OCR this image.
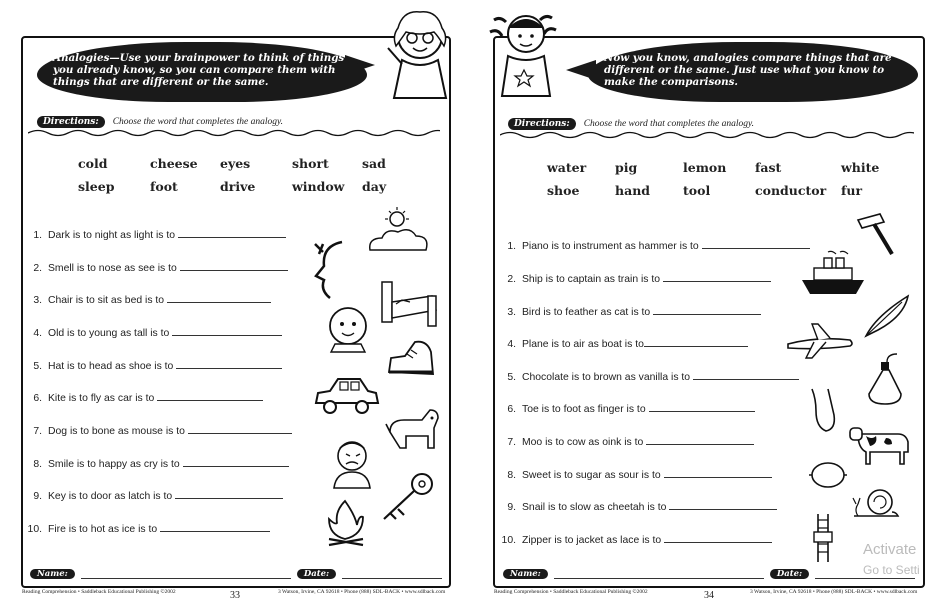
Analogies—Use your brainpower to think of things you already know, so you can compare them with things that are different or the same.
Directions:	Choose the word that completes the analogy.
cold	cheese	eyes	short	sad
sleep	foot	drive	window	day
1. Dark is to night as light is to
2. Smell is to nose as see is to
3. Chair is to sit as bed is to
4. Old is to young as tall is to
5. Hat is to head as shoe is to
6. Kite is to fly as car is to
7. Dog is to bone as mouse is to
8. Smile is to happy as cry is to
9. Key is to door as latch is to
10. Fire is to hot as ice is to
Name:	Date:
Reading Comprehension • Saddleback Educational Publishing ©2002	33	3 Watson, Irvine, CA 92618 • Phone (888) SDL-BACK • www.sdlback.com
Now you know, analogies compare things that are different or the same. Just use what you know to make the comparisons.
Directions:	Choose the word that completes the analogy.
water	pig	lemon	fast	white
shoe	hand	tool	conductor	fur
1. Piano is to instrument as hammer is to
2. Ship is to captain as train is to
3. Bird is to feather as cat is to
4. Plane is to air as boat is to
5. Chocolate is to brown as vanilla is to
6. Toe is to foot as finger is to
7. Moo is to cow as oink is to
8. Sweet is to sugar as sour is to
9. Snail is to slow as cheetah is to
10. Zipper is to jacket as lace is to
Name:	Date:
Reading Comprehension • Saddleback Educational Publishing ©2002	34	3 Watson, Irvine, CA 92618 • Phone (888) SDL-BACK • www.sdlback.com
Activate
Go to Setti
